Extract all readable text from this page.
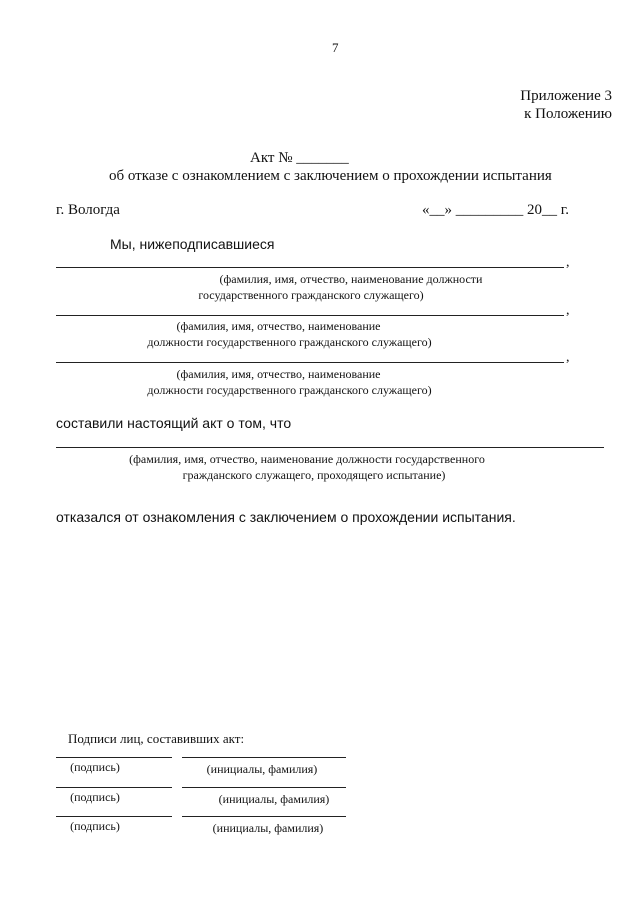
7
Приложение 3
к Положению
Акт № _______
об отказе с ознакомлением с заключением о прохождении испытания
г. Вологда	«__» _________ 20__ г.
Мы, нижеподписавшиеся
,
(фамилия, имя, отчество, наименование должности
государственного гражданского служащего)
,
(фамилия, имя, отчество, наименование
должности государственного гражданского служащего)
,
(фамилия, имя, отчество, наименование
должности государственного гражданского служащего)
составили настоящий акт о том, что
(фамилия, имя, отчество, наименование должности государственного
гражданского служащего, проходящего испытание)
отказался от ознакомления с заключением о прохождении испытания.
Подписи лиц, составивших акт:
(подпись)	(инициалы, фамилия)
(подпись)	(инициалы, фамилия)
(подпись)	(инициалы, фамилия)
